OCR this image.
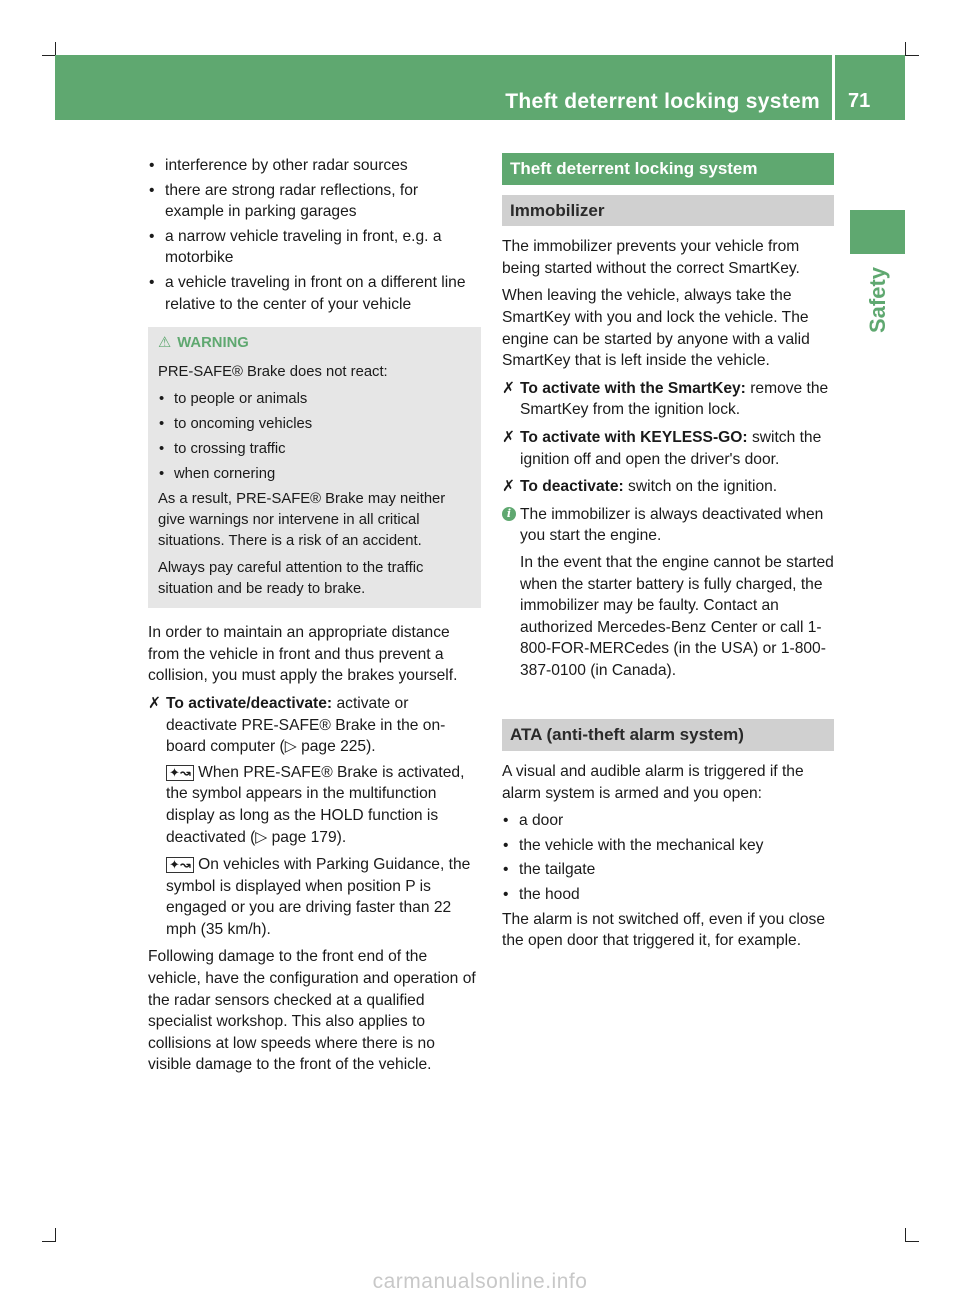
Theft deterrent locking system 71
Safety
• interference by other radar sources
• there are strong radar reflections, for example in parking garages
• a narrow vehicle traveling in front, e.g. a motorbike
• a vehicle traveling in front on a different line relative to the center of your vehicle
⚠ WARNING

PRE-SAFE® Brake does not react:

• to people or animals
• to oncoming vehicles
• to crossing traffic
• when cornering

As a result, PRE-SAFE® Brake may neither give warnings nor intervene in all critical situations. There is a risk of an accident.

Always pay careful attention to the traffic situation and be ready to brake.

In order to maintain an appropriate distance from the vehicle in front and thus prevent a collision, you must apply the brakes yourself.

✗ To activate/deactivate: activate or deactivate PRE-SAFE® Brake in the on-board computer (▷ page 225).

✦↝ When PRE-SAFE® Brake is activated, the symbol appears in the multifunction display as long as the HOLD function is deactivated (▷ page 179).

✦↝ On vehicles with Parking Guidance, the symbol is displayed when position P is engaged or you are driving faster than 22 mph (35 km/h).

Following damage to the front end of the vehicle, have the configuration and operation of the radar sensors checked at a qualified specialist workshop. This also applies to collisions at low speeds where there is no visible damage to the front of the vehicle.

Theft deterrent locking system
Immobilizer

The immobilizer prevents your vehicle from being started without the correct SmartKey.

When leaving the vehicle, always take the SmartKey with you and lock the vehicle. The engine can be started by anyone with a valid SmartKey that is left inside the vehicle.

✗ To activate with the SmartKey: remove the SmartKey from the ignition lock.
✗ To activate with KEYLESS-GO: switch the ignition off and open the driver's door.
✗ To deactivate: switch on the ignition.
i The immobilizer is always deactivated when you start the engine.

In the event that the engine cannot be started when the starter battery is fully charged, the immobilizer may be faulty. Contact an authorized Mercedes-Benz Center or call 1-800-FOR-MERCedes (in the USA) or 1-800-387-0100 (in Canada).

ATA (anti-theft alarm system)

A visual and audible alarm is triggered if the alarm system is armed and you open:

• a door
• the vehicle with the mechanical key
• the tailgate
• the hood

The alarm is not switched off, even if you close the open door that triggered it, for example.

carmanualsonline.info
